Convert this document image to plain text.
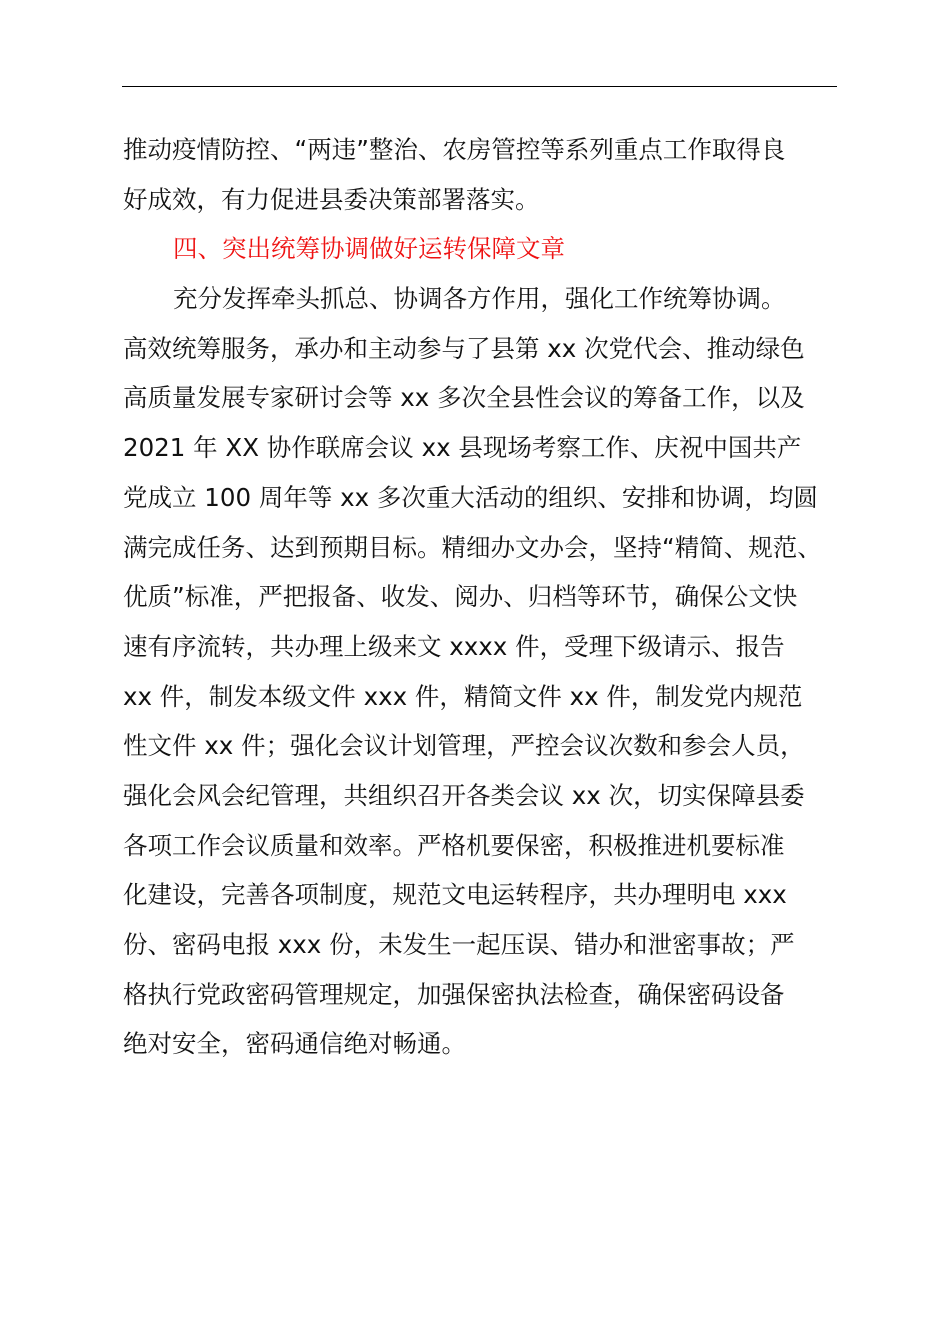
推动疫情防控、“两违”整治、农房管控等系列重点工作取得良
好成效，有力促进县委决策部署落实。
四、突出统筹协调做好运转保障文章
充分发挥牵头抓总、协调各方作用，强化工作统筹协调。
高效统筹服务，承办和主动参与了县第 xx 次党代会、推动绿色
高质量发展专家研讨会等 xx 多次全县性会议的筹备工作，以及
2021 年 XX 协作联席会议 xx 县现场考察工作、庆祝中国共产
党成立 100 周年等 xx 多次重大活动的组织、安排和协调，均圆
满完成任务、达到预期目标。精细办文办会，坚持“精简、规范、
优质”标准，严把报备、收发、阅办、归档等环节，确保公文快
速有序流转，共办理上级来文 xxxx 件，受理下级请示、报告
xx 件，制发本级文件 xxx 件，精简文件 xx 件，制发党内规范
性文件 xx 件；强化会议计划管理，严控会议次数和参会人员，
强化会风会纪管理，共组织召开各类会议 xx 次，切实保障县委
各项工作会议质量和效率。严格机要保密，积极推进机要标准
化建设，完善各项制度，规范文电运转程序，共办理明电 xxx
份、密码电报 xxx 份，未发生一起压误、错办和泄密事故；严
格执行党政密码管理规定，加强保密执法检查，确保密码设备
绝对安全，密码通信绝对畅通。
